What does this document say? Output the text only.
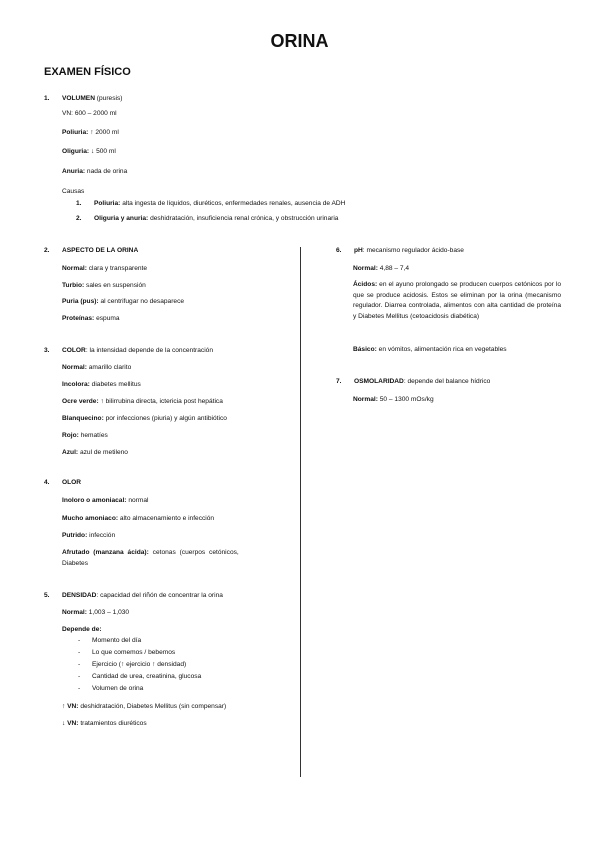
ORINA
EXAMEN FÍSICO
1. VOLUMEN (puresis)
VN: 600 – 2000 ml
Poliuria: ↑ 2000 ml
Oliguria: ↓ 500 ml
Anuria: nada de orina
Causas
1. Poliuria: alta ingesta de líquidos, diuréticos, enfermedades renales, ausencia de ADH
2. Oliguria y anuria: deshidratación, insuficiencia renal crónica, y obstrucción urinaria
2. ASPECTO DE LA ORINA
Normal: clara y transparente
Turbio: sales en suspensión
Puria (pus): al centrifugar no desaparece
Proteínas: espuma
3. COLOR: la intensidad depende de la concentración
Normal: amarillo clarito
Incolora: diabetes mellitus
Ocre verde: ↑ bilirrubina directa, ictericia post hepática
Blanquecino: por infecciones (piuria) y algún antibiótico
Rojo: hematíes
Azul: azul de metileno
4. OLOR
Inoloro o amoniacal: normal
Mucho amoniaco: alto almacenamiento e infección
Putrido: infección
Afrutado (manzana ácida): cetonas (cuerpos cetónicos,
Diabetes
5. DENSIDAD: capacidad del riñón de concentrar la orina
Normal: 1,003 – 1,030
Depende de:
- Momento del día
- Lo que comemos / bebemos
- Ejercicio (↑ ejercicio ↑ densidad)
- Cantidad de urea, creatinina, glucosa
- Volumen de orina
↑ VN: deshidratación, Diabetes Mellitus (sin compensar)
↓ VN: tratamientos diuréticos
6. pH: mecanismo regulador ácido-base
Normal: 4,88 – 7,4
Ácidos: en el ayuno prolongado se producen cuerpos cetónicos por lo que se produce acidosis. Estos se eliminan por la orina (mecanismo regulador. Diarrea controlada, alimentos con alta cantidad de proteína y Diabetes Mellitus (cetoacidosis diabética)
Básico: en vómitos, alimentación rica en vegetables
7. OSMOLARIDAD: depende del balance hídrico
Normal: 50 – 1300 mOs/kg
